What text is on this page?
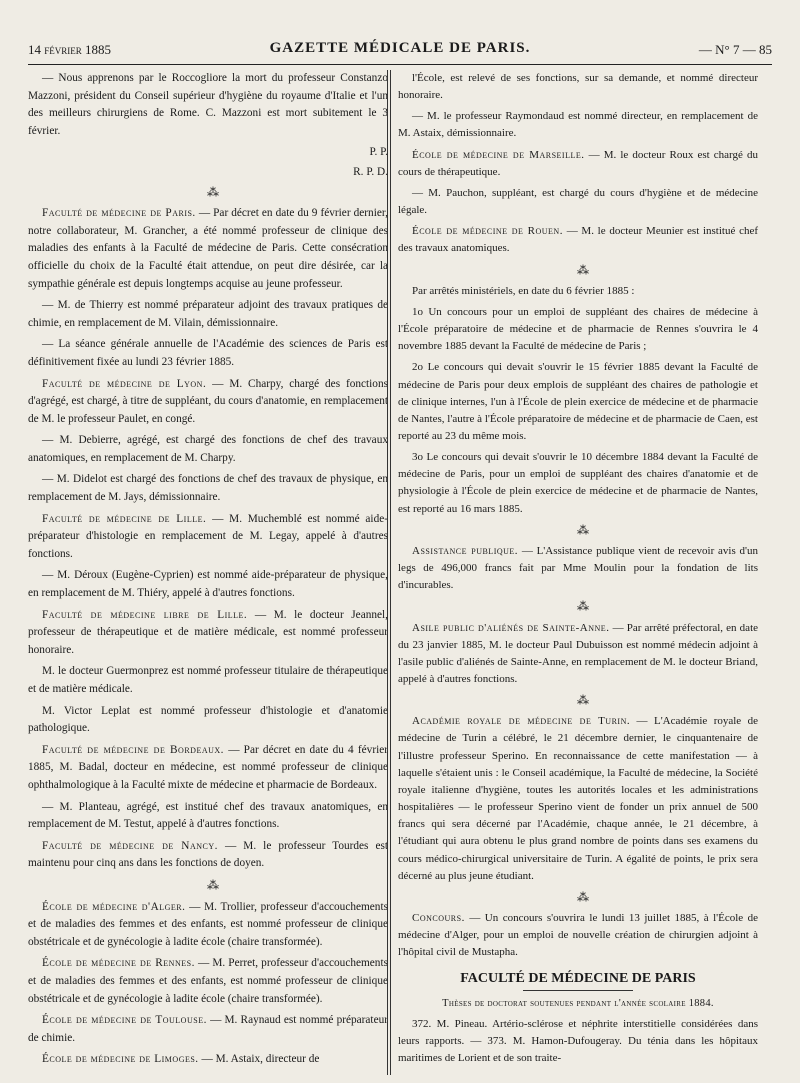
14 février 1885	GAZETTE MÉDICALE DE PARIS.	— N° 7 — 85

— Nous apprenons par le Roccogliore la mort du professeur Constanzo Mazzoni, président du Conseil supérieur d'hygiène du royaume d'Italie et l'un des meilleurs chirurgiens de Rome. C. Mazzoni est mort subitement le 3 février.

P. P.

R. P. D.

⁂

Faculté de médecine de Paris. — Par décret en date du 9 février dernier, notre collaborateur, M. Grancher, a été nommé professeur de clinique des maladies des enfants à la Faculté de médecine de Paris. Cette consécration officielle du choix de la Faculté était attendue, on peut dire désirée, car la sympathie générale est depuis longtemps acquise au jeune professeur.

— M. de Thierry est nommé préparateur adjoint des travaux pratiques de chimie, en remplacement de M. Vilain, démissionnaire.

— La séance générale annuelle de l'Académie des sciences de Paris est définitivement fixée au lundi 23 février 1885.

Faculté de médecine de Lyon. — M. Charpy, chargé des fonctions d'agrégé, est chargé, à titre de suppléant, du cours d'anatomie, en remplacement de M. le professeur Paulet, en congé.

— M. Debierre, agrégé, est chargé des fonctions de chef des travaux anatomiques, en remplacement de M. Charpy.

— M. Didelot est chargé des fonctions de chef des travaux de physique, en remplacement de M. Jays, démissionnaire.

Faculté de médecine de Lille. — M. Muchemblé est nommé aide-préparateur d'histologie en remplacement de M. Legay, appelé à d'autres fonctions.

— M. Déroux (Eugène-Cyprien) est nommé aide-préparateur de physique, en remplacement de M. Thiéry, appelé à d'autres fonctions.

Faculté de médecine libre de Lille. — M. le docteur Jeannel, professeur de thérapeutique et de matière médicale, est nommé professeur honoraire.

M. le docteur Guermonprez est nommé professeur titulaire de thérapeutique et de matière médicale.

M. Victor Leplat est nommé professeur d'histologie et d'anatomie pathologique.

Faculté de médecine de Bordeaux. — Par décret en date du 4 février 1885, M. Badal, docteur en médecine, est nommé professeur de clinique ophthalmologique à la Faculté mixte de médecine et pharmacie de Bordeaux.

— M. Planteau, agrégé, est institué chef des travaux anatomiques, en remplacement de M. Testut, appelé à d'autres fonctions.

Faculté de médecine de Nancy. — M. le professeur Tourdes est maintenu pour cinq ans dans les fonctions de doyen.

⁂

École de médecine d'Alger. — M. Trollier, professeur d'accouchements et de maladies des femmes et des enfants, est nommé professeur de clinique obstétricale et de gynécologie à ladite école (chaire transformée).

École de médecine de Rennes. — M. Perret, professeur d'accouchements et de maladies des femmes et des enfants, est nommé professeur de clinique obstétricale et de gynécologie à ladite école (chaire transformée).

École de médecine de Toulouse. — M. Raynaud est nommé préparateur de chimie.

École de médecine de Limoges. — M. Astaix, directeur de

l'École, est relevé de ses fonctions, sur sa demande, et nommé directeur honoraire.

— M. le professeur Raymondaud est nommé directeur, en remplacement de M. Astaix, démissionnaire.

École de médecine de Marseille. — M. le docteur Roux est chargé du cours de thérapeutique.

— M. Pauchon, suppléant, est chargé du cours d'hygiène et de médecine légale.

École de médecine de Rouen. — M. le docteur Meunier est institué chef des travaux anatomiques.

⁂

Par arrêtés ministériels, en date du 6 février 1885 :

1o Un concours pour un emploi de suppléant des chaires de médecine à l'École préparatoire de médecine et de pharmacie de Rennes s'ouvrira le 4 novembre 1885 devant la Faculté de médecine de Paris ;

2o Le concours qui devait s'ouvrir le 15 février 1885 devant la Faculté de médecine de Paris pour deux emplois de suppléant des chaires de pathologie et de clinique internes, l'un à l'École de plein exercice de médecine et de pharmacie de Nantes, l'autre à l'École préparatoire de médecine et de pharmacie de Caen, est reporté au 23 du même mois.

3o Le concours qui devait s'ouvrir le 10 décembre 1884 devant la Faculté de médecine de Paris, pour un emploi de suppléant des chaires d'anatomie et de physiologie à l'École de plein exercice de médecine et de pharmacie de Nantes, est reporté au 16 mars 1885.

⁂

Assistance publique. — L'Assistance publique vient de recevoir avis d'un legs de 496,000 francs fait par Mme Moulin pour la fondation de lits d'incurables.

⁂

Asile public d'aliénés de Sainte-Anne. — Par arrêté préfectoral, en date du 23 janvier 1885, M. le docteur Paul Dubuisson est nommé médecin adjoint à l'asile public d'aliénés de Sainte-Anne, en remplacement de M. le docteur Briand, appelé à d'autres fonctions.

⁂

Académie royale de médecine de Turin. — L'Académie royale de médecine de Turin a célébré, le 21 décembre dernier, le cinquantenaire de l'illustre professeur Sperino. En reconnaissance de cette manifestation — à laquelle s'étaient unis : le Conseil académique, la Faculté de médecine, la Société royale italienne d'hygiène, toutes les autorités locales et les administrations hospitalières — le professeur Sperino vient de fonder un prix annuel de 500 francs qui sera décerné par l'Académie, chaque année, le 21 décembre, à l'étudiant qui aura obtenu le plus grand nombre de points dans ses examens du cours médico-chirurgical universitaire de Turin. A égalité de points, le prix sera décerné au plus jeune étudiant.

⁂

Concours. — Un concours s'ouvrira le lundi 13 juillet 1885, à l'École de médecine d'Alger, pour un emploi de nouvelle création de chirurgien adjoint à l'hôpital civil de Mustapha.

FACULTÉ DE MÉDECINE DE PARIS

Thèses de doctorat soutenues pendant l'année scolaire 1884.

372. M. Pineau. Artério-sclérose et néphrite interstitielle considérées dans leurs rapports. — 373. M. Hamon-Dufougeray. Du ténia dans les hôpitaux maritimes de Lorient et de son traite-
